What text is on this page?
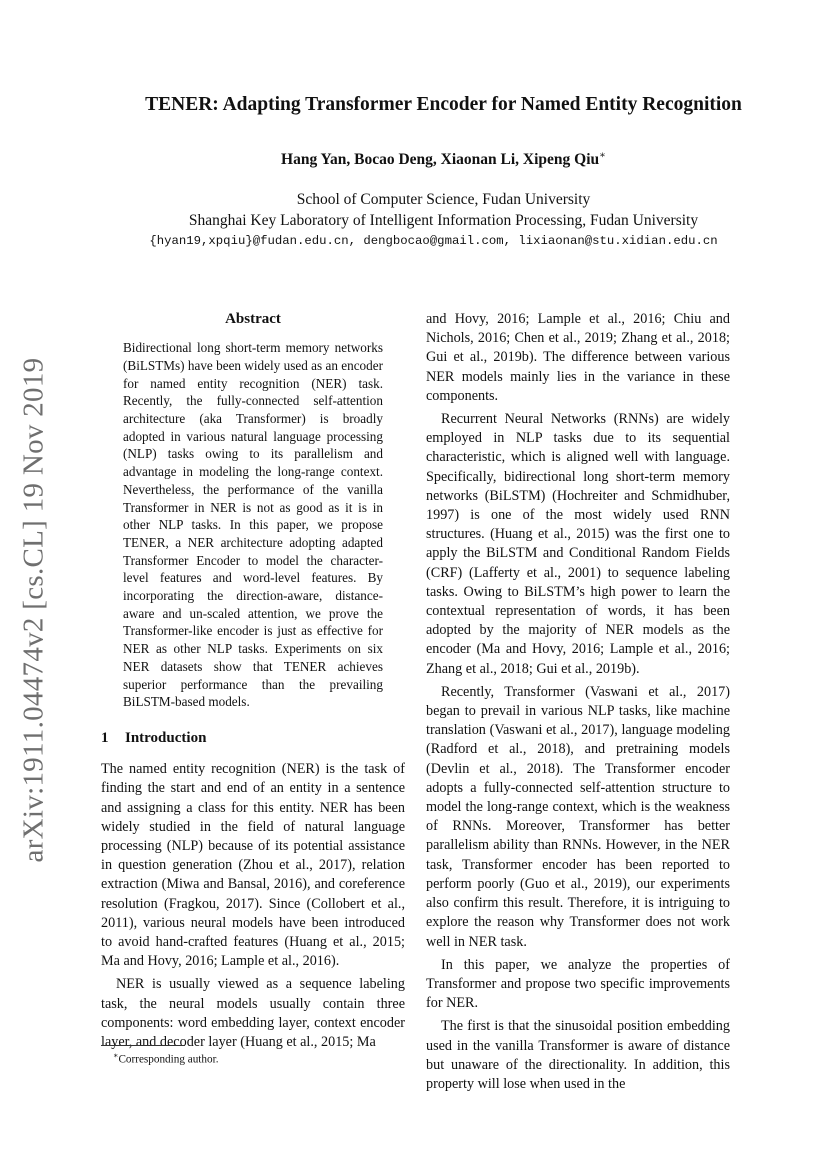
arXiv:1911.04474v2 [cs.CL] 19 Nov 2019
TENER: Adapting Transformer Encoder for Named Entity Recognition
Hang Yan, Bocao Deng, Xiaonan Li, Xipeng Qiu∗
School of Computer Science, Fudan University
Shanghai Key Laboratory of Intelligent Information Processing, Fudan University
{hyan19,xpqiu}@fudan.edu.cn, dengbocao@gmail.com, lixiaonan@stu.xidian.edu.cn
Abstract

Bidirectional long short-term memory networks (BiLSTMs) have been widely used as an encoder for named entity recognition (NER) task. Recently, the fully-connected self-attention architecture (aka Transformer) is broadly adopted in various natural language processing (NLP) tasks owing to its parallelism and advantage in modeling the long-range context. Nevertheless, the performance of the vanilla Transformer in NER is not as good as it is in other NLP tasks. In this paper, we propose TENER, a NER architecture adopting adapted Transformer Encoder to model the character-level features and word-level features. By incorporating the direction-aware, distance-aware and un-scaled attention, we prove the Transformer-like encoder is just as effective for NER as other NLP tasks. Experiments on six NER datasets show that TENER achieves superior performance than the prevailing BiLSTM-based models.

1 Introduction

The named entity recognition (NER) is the task of finding the start and end of an entity in a sentence and assigning a class for this entity. NER has been widely studied in the field of natural language processing (NLP) because of its potential assistance in question generation (Zhou et al., 2017), relation extraction (Miwa and Bansal, 2016), and coreference resolution (Fragkou, 2017). Since (Collobert et al., 2011), various neural models have been introduced to avoid hand-crafted features (Huang et al., 2015; Ma and Hovy, 2016; Lample et al., 2016).

NER is usually viewed as a sequence labeling task, the neural models usually contain three components: word embedding layer, context encoder layer, and decoder layer (Huang et al., 2015; Ma

and Hovy, 2016; Lample et al., 2016; Chiu and Nichols, 2016; Chen et al., 2019; Zhang et al., 2018; Gui et al., 2019b). The difference between various NER models mainly lies in the variance in these components.

Recurrent Neural Networks (RNNs) are widely employed in NLP tasks due to its sequential characteristic, which is aligned well with language. Specifically, bidirectional long short-term memory networks (BiLSTM) (Hochreiter and Schmidhuber, 1997) is one of the most widely used RNN structures. (Huang et al., 2015) was the first one to apply the BiLSTM and Conditional Random Fields (CRF) (Lafferty et al., 2001) to sequence labeling tasks. Owing to BiLSTM’s high power to learn the contextual representation of words, it has been adopted by the majority of NER models as the encoder (Ma and Hovy, 2016; Lample et al., 2016; Zhang et al., 2018; Gui et al., 2019b).

Recently, Transformer (Vaswani et al., 2017) began to prevail in various NLP tasks, like machine translation (Vaswani et al., 2017), language modeling (Radford et al., 2018), and pretraining models (Devlin et al., 2018). The Transformer encoder adopts a fully-connected self-attention structure to model the long-range context, which is the weakness of RNNs. Moreover, Transformer has better parallelism ability than RNNs. However, in the NER task, Transformer encoder has been reported to perform poorly (Guo et al., 2019), our experiments also confirm this result. Therefore, it is intriguing to explore the reason why Transformer does not work well in NER task.

In this paper, we analyze the properties of Transformer and propose two specific improvements for NER.

The first is that the sinusoidal position embedding used in the vanilla Transformer is aware of distance but unaware of the directionality. In addition, this property will lose when used in the

∗Corresponding author.
